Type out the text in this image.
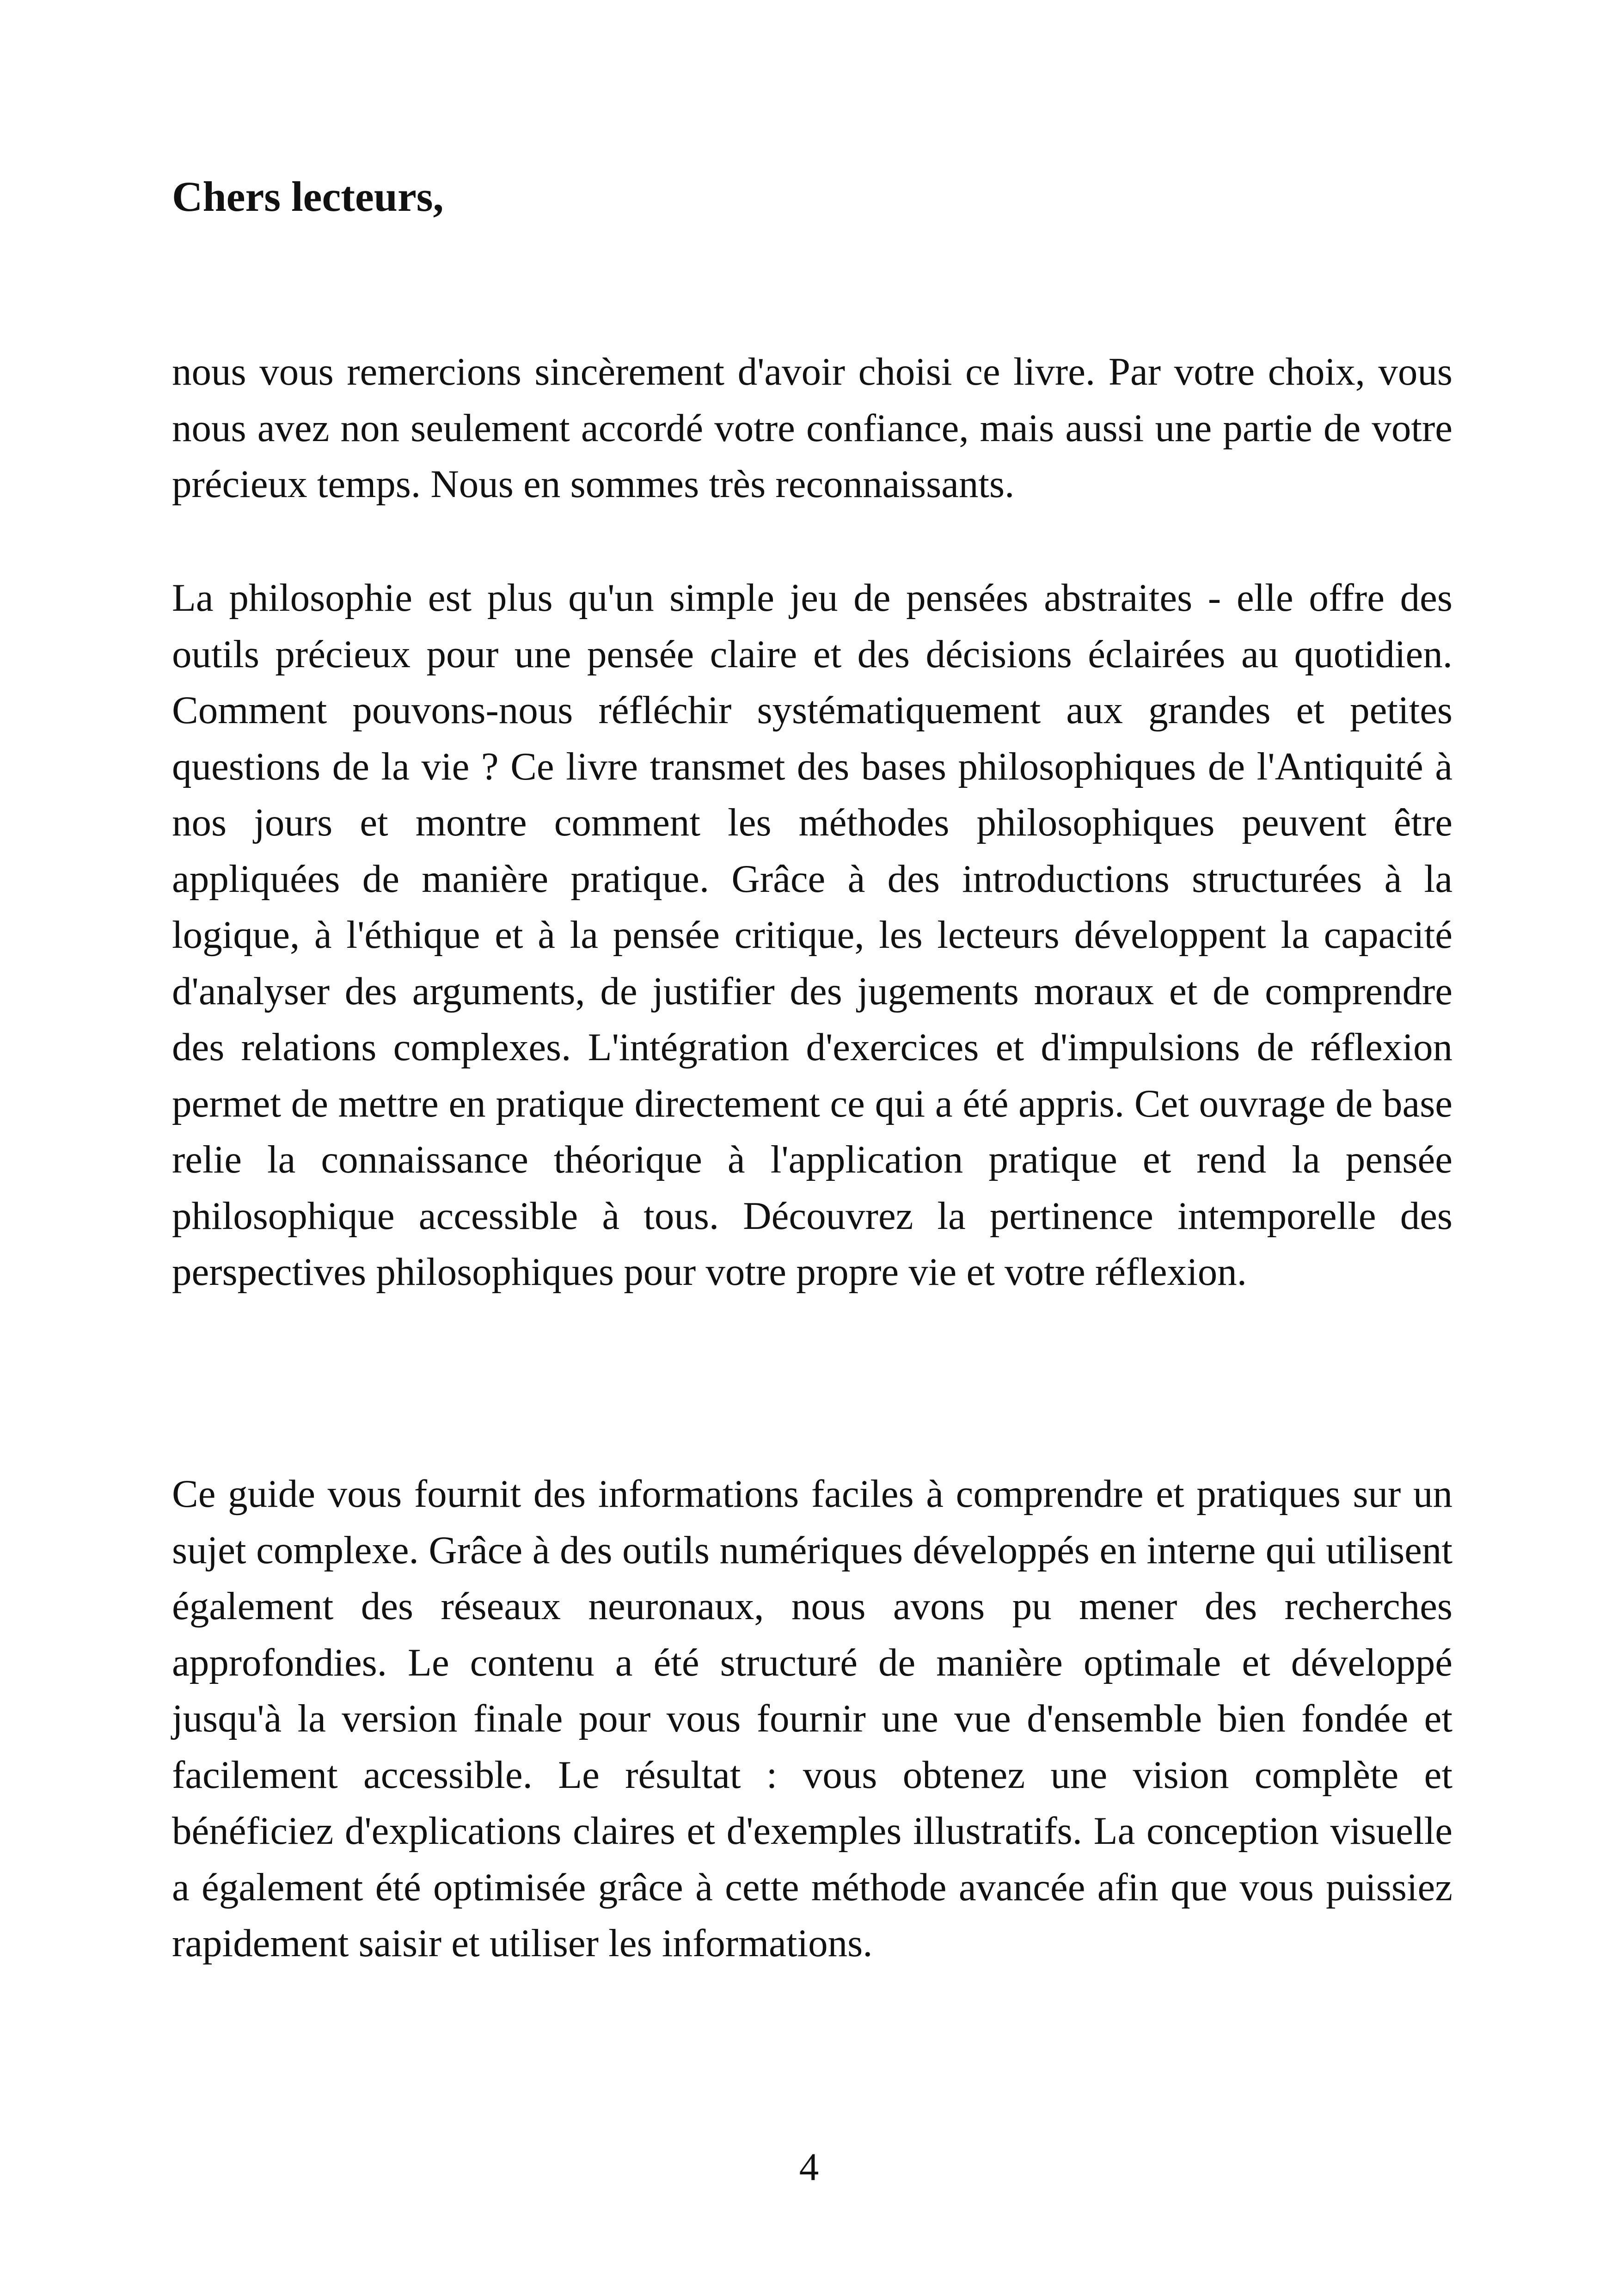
Chers lecteurs,

nous vous remercions sincèrement d'avoir choisi ce livre. Par votre choix, vous nous avez non seulement accordé votre confiance, mais aussi une partie de votre précieux temps. Nous en sommes très reconnaissants.

La philosophie est plus qu'un simple jeu de pensées abstraites - elle offre des outils précieux pour une pensée claire et des décisions éclairées au quotidien. Comment pouvons-nous réfléchir systématiquement aux grandes et petites questions de la vie ? Ce livre transmet des bases philosophiques de l'Antiquité à nos jours et montre comment les méthodes philosophiques peuvent être appliquées de manière pratique. Grâce à des introductions structurées à la logique, à l'éthique et à la pensée critique, les lecteurs développent la capacité d'analyser des arguments, de justifier des jugements moraux et de comprendre des relations complexes. L'intégration d'exercices et d'impulsions de réflexion permet de mettre en pratique directement ce qui a été appris. Cet ouvrage de base relie la connaissance théorique à l'application pratique et rend la pensée philosophique accessible à tous. Découvrez la pertinence intemporelle des perspectives philosophiques pour votre propre vie et votre réflexion.

Ce guide vous fournit des informations faciles à comprendre et pratiques sur un sujet complexe. Grâce à des outils numériques développés en interne qui utilisent également des réseaux neuronaux, nous avons pu mener des recherches approfondies. Le contenu a été structuré de manière optimale et développé jusqu'à la version finale pour vous fournir une vue d'ensemble bien fondée et facilement accessible. Le résultat : vous obtenez une vision complète et bénéficiez d'explications claires et d'exemples illustratifs. La conception visuelle a également été optimisée grâce à cette méthode avancée afin que vous puissiez rapidement saisir et utiliser les informations.

4
